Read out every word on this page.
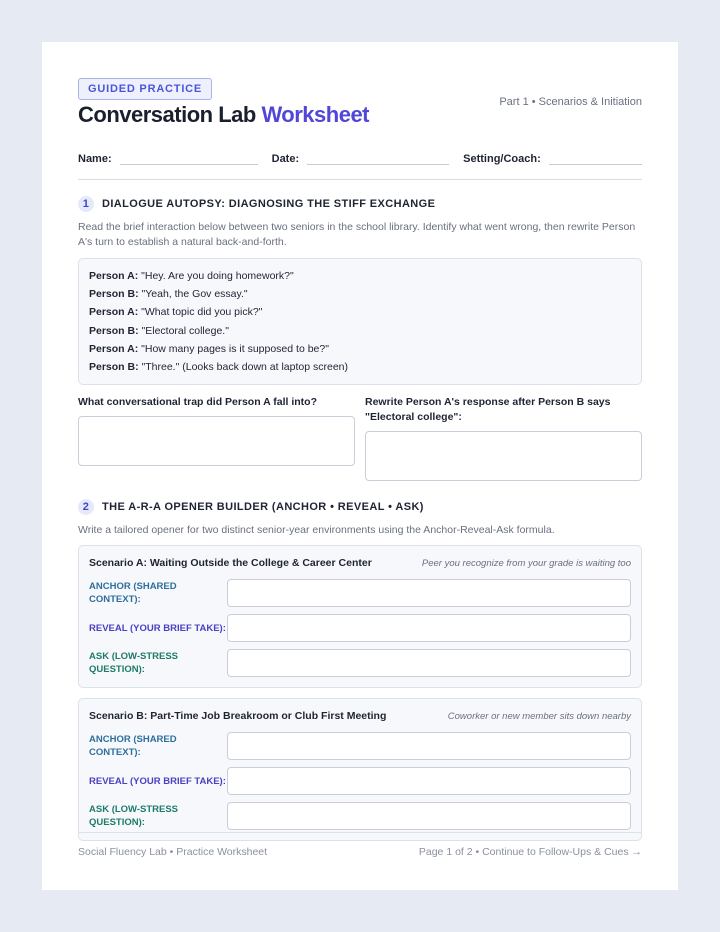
GUIDED PRACTICE
Conversation Lab Worksheet	Part 1 • Scenarios & Initiation
Name:	Date:	Setting/Coach:
1	DIALOGUE AUTOPSY: DIAGNOSING THE STIFF EXCHANGE
Read the brief interaction below between two seniors in the school library. Identify what went wrong, then rewrite Person A's turn to establish a natural back-and-forth.
Person A: "Hey. Are you doing homework?"
Person B: "Yeah, the Gov essay."
Person A: "What topic did you pick?"
Person B: "Electoral college."
Person A: "How many pages is it supposed to be?"
Person B: "Three." (Looks back down at laptop screen)
What conversational trap did Person A fall into?	Rewrite Person A's response after Person B says "Electoral college":
2	THE A-R-A OPENER BUILDER (ANCHOR • REVEAL • ASK)
Write a tailored opener for two distinct senior-year environments using the Anchor-Reveal-Ask formula.
Scenario A: Waiting Outside the College & Career Center	Peer you recognize from your grade is waiting too
ANCHOR (SHARED CONTEXT):
REVEAL (YOUR BRIEF TAKE):
ASK (LOW-STRESS QUESTION):
Scenario B: Part-Time Job Breakroom or Club First Meeting	Coworker or new member sits down nearby
ANCHOR (SHARED CONTEXT):
REVEAL (YOUR BRIEF TAKE):
ASK (LOW-STRESS QUESTION):
Social Fluency Lab • Practice Worksheet	Page 1 of 2 • Continue to Follow-Ups & Cues →
